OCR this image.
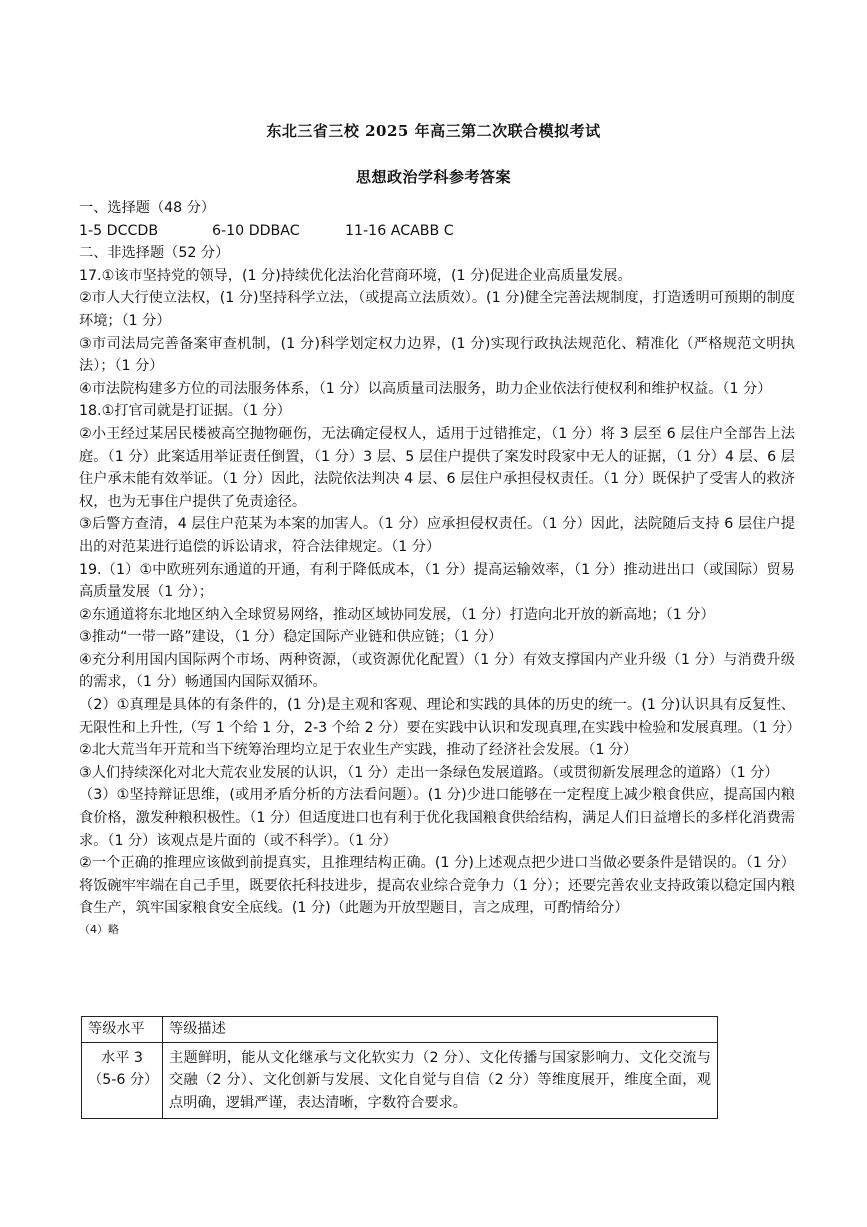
东北三省三校 2025 年高三第二次联合模拟考试
思想政治学科参考答案

一、选择题（48 分）

1-5 DCCDB	6-10 DDBAC	11-16 ACABB C

二、非选择题（52 分）

17.①该市坚持党的领导，(1 分)持续优化法治化营商环境，(1 分)促进企业高质量发展。

②市人大行使立法权，(1 分)坚持科学立法，（或提高立法质效）。(1 分)健全完善法规制度，打造透明可预期的制度环境；（1 分）

③市司法局完善备案审查机制，(1 分)科学划定权力边界，(1 分)实现行政执法规范化、精准化（严格规范文明执法）；（1 分）

④市法院构建多方位的司法服务体系，（1 分）以高质量司法服务，助力企业依法行使权利和维护权益。（1 分）

18.①打官司就是打证据。（1 分）

②小王经过某居民楼被高空抛物砸伤，无法确定侵权人，适用于过错推定，（1 分）将 3 层至 6 层住户全部告上法庭。（1 分）此案适用举证责任倒置，（1 分）3 层、5 层住户提供了案发时段家中无人的证据，（1 分）4 层、6 层住户承未能有效举证。（1 分）因此，法院依法判决 4 层、6 层住户承担侵权责任。（1 分）既保护了受害人的救济权，也为无事住户提供了免责途径。

③后警方查清，4 层住户范某为本案的加害人。（1 分）应承担侵权责任。（1 分）因此，法院随后支持 6 层住户提出的对范某进行追偿的诉讼请求，符合法律规定。（1 分）

19.（1）①中欧班列东通道的开通，有利于降低成本，（1 分）提高运输效率，（1 分）推动进出口（或国际）贸易高质量发展（1 分）；

②东通道将东北地区纳入全球贸易网络，推动区域协同发展，（1 分）打造向北开放的新高地；（1 分）

③推动“一带一路”建设，（1 分）稳定国际产业链和供应链；（1 分）

④充分利用国内国际两个市场、两种资源，（或资源优化配置）（1 分）有效支撑国内产业升级（1 分）与消费升级的需求，（1 分）畅通国内国际双循环。

（2）①真理是具体的有条件的，(1 分)是主观和客观、理论和实践的具体的历史的统一。(1 分)认识具有反复性、无限性和上升性,（写 1 个给 1 分，2-3 个给 2 分）要在实践中认识和发现真理,在实践中检验和发展真理。（1 分）

②北大荒当年开荒和当下统筹治理均立足于农业生产实践，推动了经济社会发展。（1 分）

③人们持续深化对北大荒农业发展的认识，（1 分）走出一条绿色发展道路。（或贯彻新发展理念的道路）（1 分）

（3）①坚持辩证思维，(或用矛盾分析的方法看问题）。(1 分)少进口能够在一定程度上减少粮食供应，提高国内粮食价格，激发种粮积极性。（1 分）但适度进口也有利于优化我国粮食供给结构，满足人们日益增长的多样化消费需求。（1 分）该观点是片面的（或不科学）。（1 分）

②一个正确的推理应该做到前提真实，且推理结构正确。(1 分)上述观点把少进口当做必要条件是错误的。（1 分）将饭碗牢牢端在自己手里，既要依托科技进步，提高农业综合竞争力（1 分）；还要完善农业支持政策以稳定国内粮食生产，筑牢国家粮食安全底线。(1 分)（此题为开放型题目，言之成理，可酌情给分）

（4）略

等级水平	等级描述

水平 3
（5-6 分）	主题鲜明，能从文化继承与文化软实力（2 分）、文化传播与国家影响力、文化交流与交融（2 分）、文化创新与发展、文化自觉与自信（2 分）等维度展开，维度全面，观点明确，逻辑严谨，表达清晰，字数符合要求。
